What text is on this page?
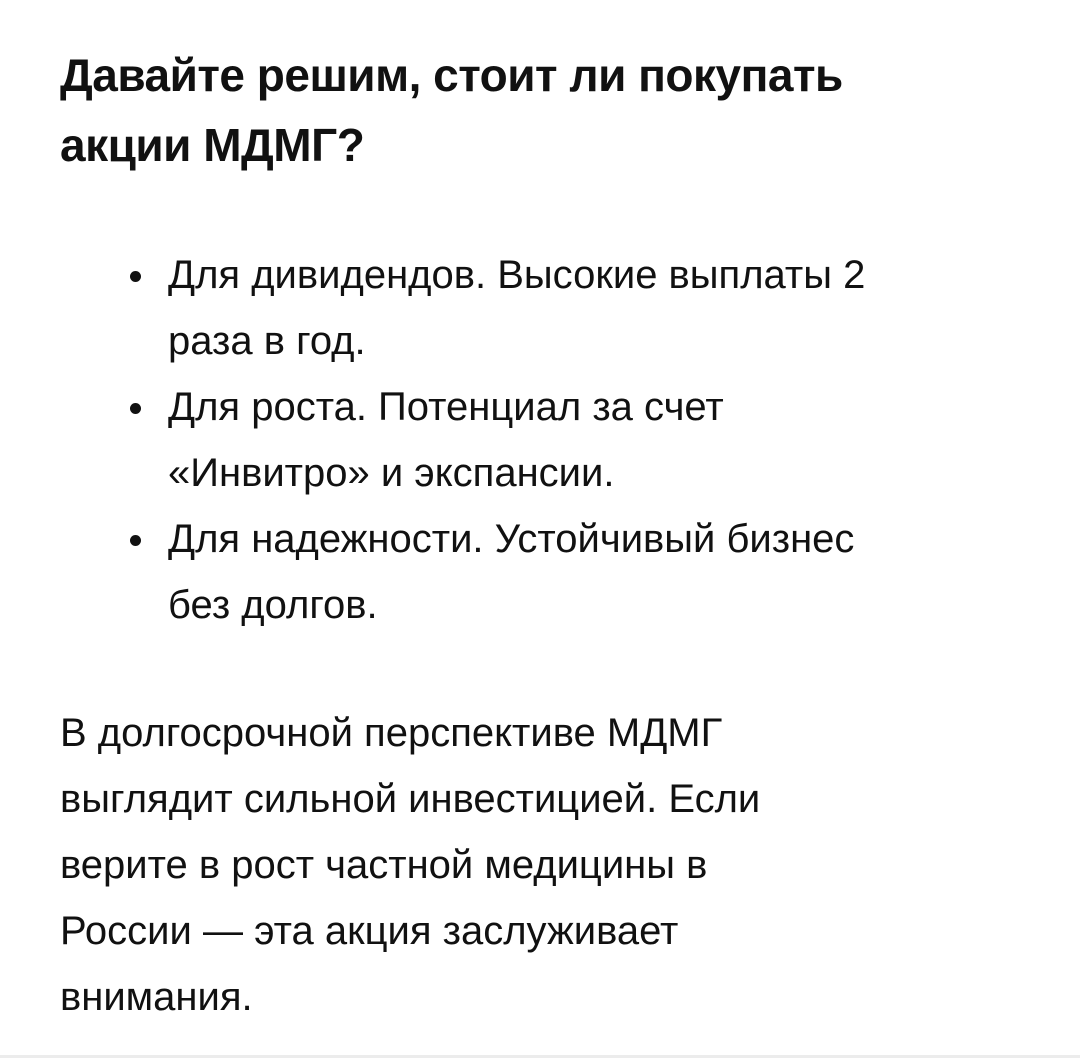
Давайте решим, стоит ли покупать
акции МДМГ?
Для дивидендов. Высокие выплаты 2
раза в год.
Для роста. Потенциал за счет
«Инвитро» и экспансии.
Для надежности. Устойчивый бизнес
без долгов.

В долгосрочной перспективе МДМГ
выглядит сильной инвестицией. Если
верите в рост частной медицины в
России — эта акция заслуживает
внимания.
